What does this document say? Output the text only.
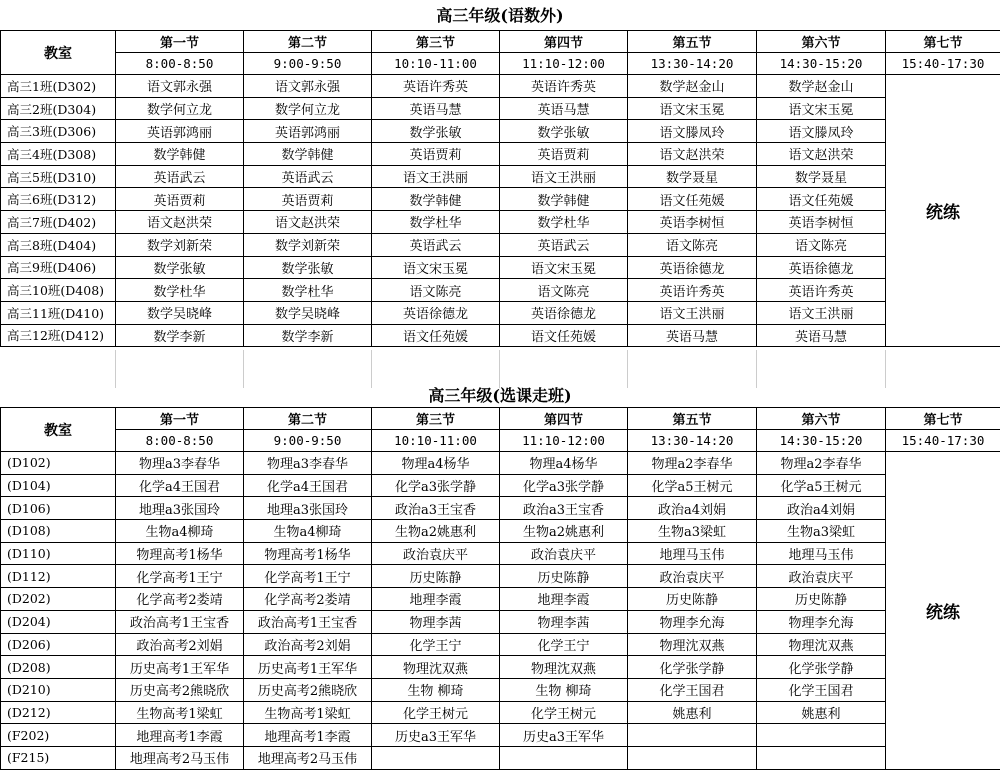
高三年级(语数外)
教室	第一节	第二节	第三节	第四节	第五节	第六节	第七节
	8:00-8:50	9:00-9:50	10:10-11:00	11:10-12:00	13:30-14:20	14:30-15:20	15:40-17:30
高三1班(D302)	语文郭永强	语文郭永强	英语许秀英	英语许秀英	数学赵金山	数学赵金山	统练
高三2班(D304)	数学何立龙	数学何立龙	英语马慧	英语马慧	语文宋玉冕	语文宋玉冕	
高三3班(D306)	英语郭鸿丽	英语郭鸿丽	数学张敏	数学张敏	语文滕凤玲	语文滕凤玲	
高三4班(D308)	数学韩健	数学韩健	英语贾莉	英语贾莉	语文赵洪荣	语文赵洪荣	
高三5班(D310)	英语武云	英语武云	语文王洪丽	语文王洪丽	数学聂星	数学聂星	
高三6班(D312)	英语贾莉	英语贾莉	数学韩健	数学韩健	语文任苑媛	语文任苑媛	
高三7班(D402)	语文赵洪荣	语文赵洪荣	数学杜华	数学杜华	英语李树恒	英语李树恒	
高三8班(D404)	数学刘新荣	数学刘新荣	英语武云	英语武云	语文陈亮	语文陈亮	
高三9班(D406)	数学张敏	数学张敏	语文宋玉冕	语文宋玉冕	英语徐德龙	英语徐德龙	
高三10班(D408)	数学杜华	数学杜华	语文陈亮	语文陈亮	英语许秀英	英语许秀英	
高三11班(D410)	数学吴晓峰	数学吴晓峰	英语徐德龙	英语徐德龙	语文王洪丽	语文王洪丽	
高三12班(D412)	数学李新	数学李新	语文任苑媛	语文任苑媛	英语马慧	英语马慧	
高三年级(选课走班)
教室	第一节	第二节	第三节	第四节	第五节	第六节	第七节
	8:00-8:50	9:00-9:50	10:10-11:00	11:10-12:00	13:30-14:20	14:30-15:20	15:40-17:30
(D102)	物理a3李春华	物理a3李春华	物理a4杨华	物理a4杨华	物理a2李春华	物理a2李春华	统练
(D104)	化学a4王国君	化学a4王国君	化学a3张学静	化学a3张学静	化学a5王树元	化学a5王树元	
(D106)	地理a3张国玲	地理a3张国玲	政治a3王宝香	政治a3王宝香	政治a4刘娟	政治a4刘娟	
(D108)	生物a4柳琦	生物a4柳琦	生物a2姚惠利	生物a2姚惠利	生物a3梁虹	生物a3梁虹	
(D110)	物理高考1杨华	物理高考1杨华	政治袁庆平	政治袁庆平	地理马玉伟	地理马玉伟	
(D112)	化学高考1王宁	化学高考1王宁	历史陈静	历史陈静	政治袁庆平	政治袁庆平	
(D202)	化学高考2娄靖	化学高考2娄靖	地理李霞	地理李霞	历史陈静	历史陈静	
(D204)	政治高考1王宝香	政治高考1王宝香	物理李茜	物理李茜	物理李允海	物理李允海	
(D206)	政治高考2刘娟	政治高考2刘娟	化学王宁	化学王宁	物理沈双燕	物理沈双燕	
(D208)	历史高考1王军华	历史高考1王军华	物理沈双燕	物理沈双燕	化学张学静	化学张学静	
(D210)	历史高考2熊晓欣	历史高考2熊晓欣	生物 柳琦	生物 柳琦	化学王国君	化学王国君	
(D212)	生物高考1梁虹	生物高考1梁虹	化学王树元	化学王树元	姚惠利	姚惠利	
(F202)	地理高考1李霞	地理高考1李霞	历史a3王军华	历史a3王军华			
(F215)	地理高考2马玉伟	地理高考2马玉伟					
